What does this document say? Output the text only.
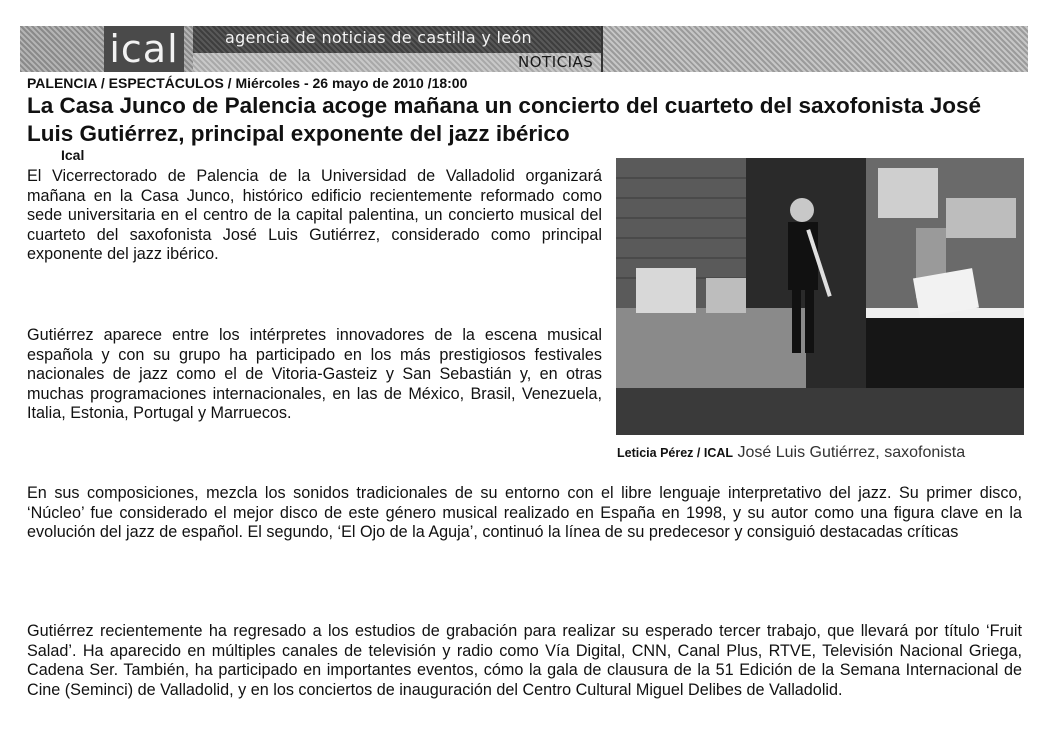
ical	agencia de noticias de castilla y león
NOTICIAS
PALENCIA / ESPECTÁCULOS / Miércoles - 26 mayo de 2010 /18:00
La Casa Junco de Palencia acoge mañana un concierto del cuarteto del saxofonista José Luis Gutiérrez, principal exponente del jazz ibérico
Ical

El Vicerrectorado de Palencia de la Universidad de Valladolid organizará mañana en la Casa Junco, histórico edificio recientemente reformado como sede universitaria en el centro de la capital palentina, un concierto musical del cuarteto del saxofonista José Luis Gutiérrez, considerado como principal exponente del jazz ibérico.

Gutiérrez aparece entre los intérpretes innovadores de la escena musical española y con su grupo ha participado en los más prestigiosos festivales nacionales de jazz como el de Vitoria-Gasteiz y San Sebastián y, en otras muchas programaciones internacionales, en las de México, Brasil, Venezuela, Italia, Estonia, Portugal y Marruecos.

En sus composiciones, mezcla los sonidos tradicionales de su entorno con el libre lenguaje interpretativo del jazz. Su primer disco, ‘Núcleo’ fue considerado el mejor disco de este género musical realizado en España en 1998, y su autor como una figura clave en la evolución del jazz de español. El segundo, ‘El Ojo de la Aguja’, continuó la línea de su predecesor y consiguió destacadas críticas

Gutiérrez recientemente ha regresado a los estudios de grabación para realizar su esperado tercer trabajo, que llevará por título ‘Fruit Salad’. Ha aparecido en múltiples canales de televisión y radio como Vía Digital, CNN, Canal Plus, RTVE, Televisión Nacional Griega, Cadena Ser. También, ha participado en importantes eventos, cómo la gala de clausura de la 51 Edición de la Semana Internacional de Cine (Seminci) de Valladolid, y en los conciertos de inauguración del Centro Cultural Miguel Delibes de Valladolid.

Leticia Pérez / ICAL José Luis Gutiérrez, saxofonista
